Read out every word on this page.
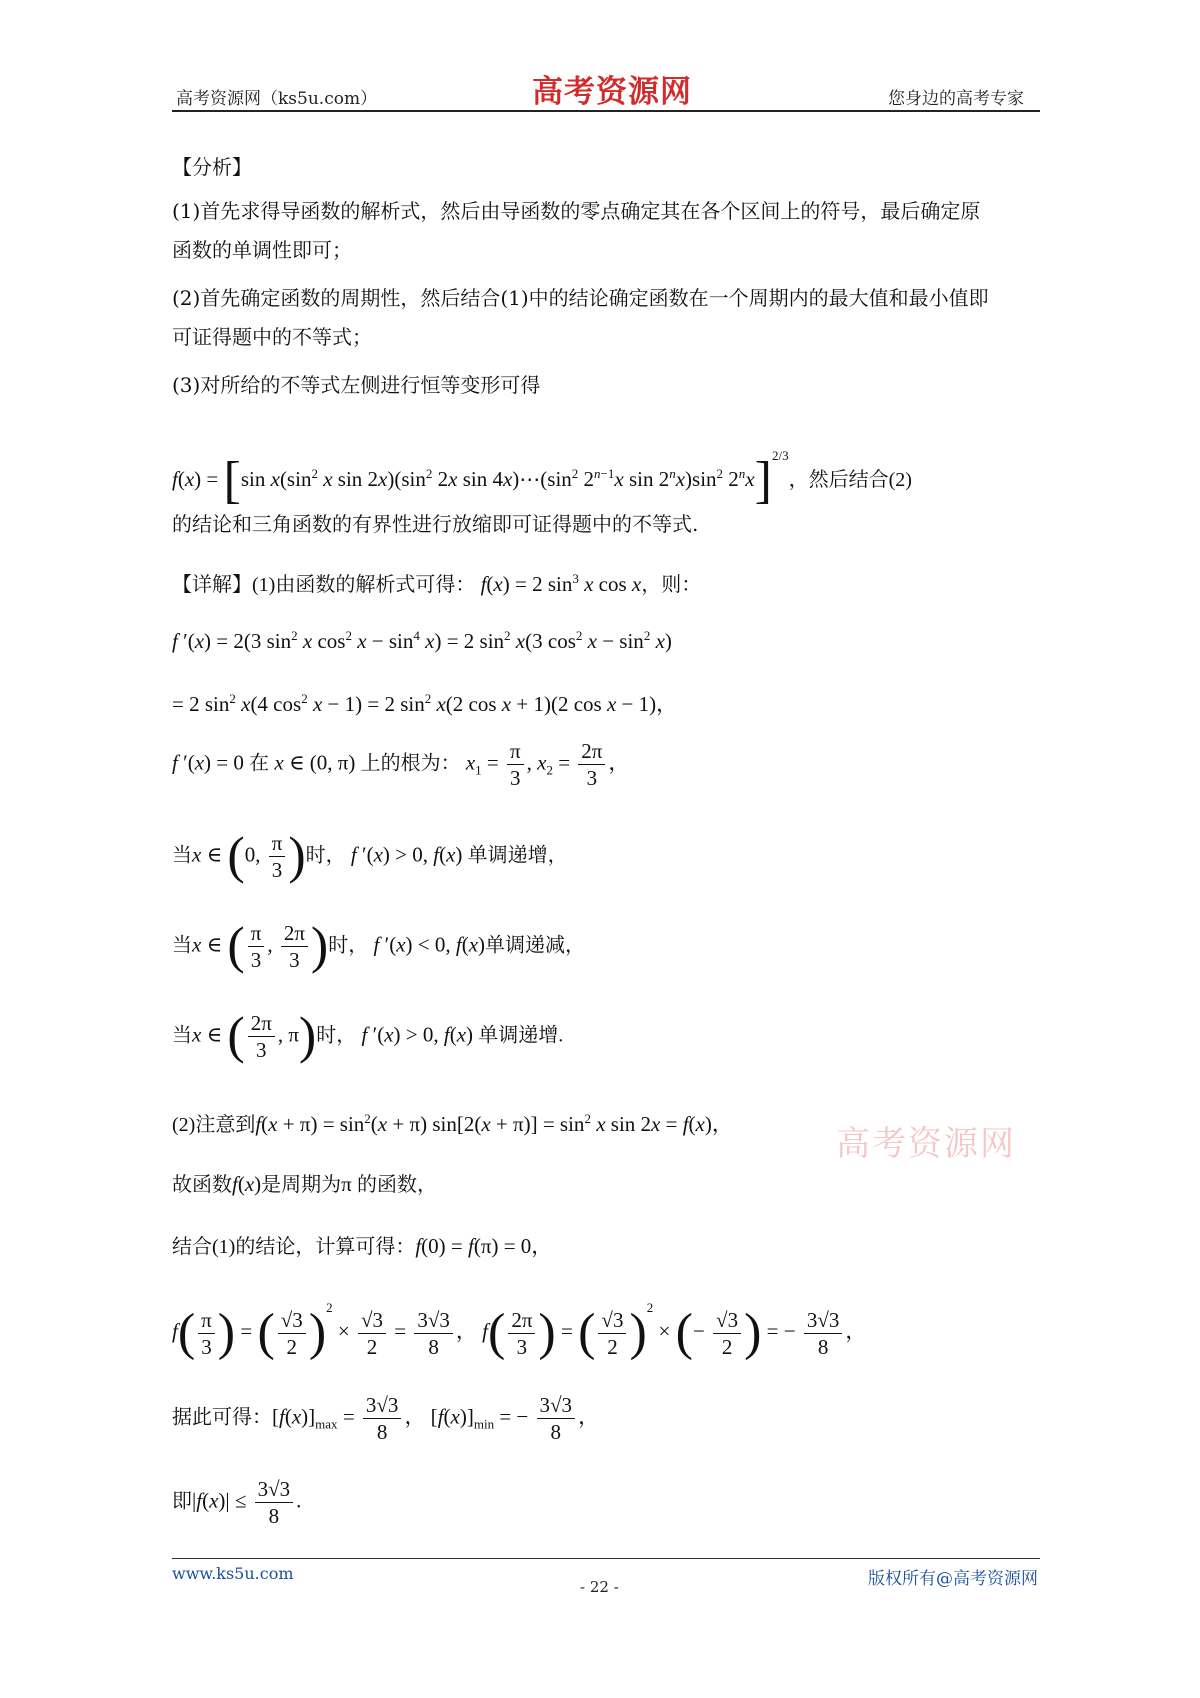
高考资源网（ks5u.com）	高考资源网	您身边的高考专家
【分析】
(1)首先求得导函数的解析式，然后由导函数的零点确定其在各个区间上的符号，最后确定原
函数的单调性即可；
(2)首先确定函数的周期性，然后结合(1)中的结论确定函数在一个周期内的最大值和最小值即
可证得题中的不等式；
(3)对所给的不等式左侧进行恒等变形可得
f(x) = [sin $x(\sin^2$ x $\sin 2x)(\sin^2$ 2x $\sin 4x)\cdots(\sin^2$ $2^{n-1}x$ $\sin 2^nx)\sin^2$ 2$^n$x]$^{2/3}$，然后结合(2)
的结论和三角函数的有界性进行放缩即可证得题中的不等式.
【详解】(1)由函数的解析式可得： f(x) = 2 $\sin^3 x$ cos x，则：
f ′(x) = 2(3 $\sin^2 x$ $\cos^2 x - \sin^4 x) = 2$ $\sin^2 x(3$ $\cos^2 x - \sin^2 x$)
= 2 $\sin^2 x(4$ $\cos^2 x - 1) = 2$ $\sin^2 x(2$ cos x + 1)(2 cos x − 1)，
f ′(x) = 0 在 x ∈ (0, π) 上的根为： $x_1 = \frac{\pi}{3}$ , $x_2 = \frac{2\pi}{3}$ ，
当x ∈ (0, $\frac{\pi}{3}$ )时， f ′(x) > 0, f(x) 单调递增，
当x ∈ ( $\frac{\pi}{3}$ , $\frac{2\pi}{3}$ )时， f ′(x) < 0, f(x)单调递减，
当x ∈ ( $\frac{2\pi}{3}$ , π)时， f ′(x) > 0, f(x) 单调递增.
(2)注意到$f(x + \pi) = \sin^2(x + \pi) \sin[2(x + \pi)] = \sin^2 x$ sin 2x = f(x)，	高考资源网
故函数f(x)是周期为π 的函数，
结合(1)的结论，计算可得：f(0) = f(π) = 0，
$f( \frac{\pi}{3}$ ) = ( $\frac{√3}{2} )^2 \times \frac{√3}{2} = \frac{3√3}{8}$ ， $f( \frac{2\pi}{3}$ ) = ( $\frac{√3}{2} )^2$ × (− $\frac{√3}{2}$ ) = − $\frac{3√3}{8}$ ，
据此可得：$[f(x)]_{max} = \frac{3√3}{8}$ ， $[f(x)]_{min}$ = − $\frac{3√3}{8}$ ，
即$|f(x)| \le \frac{3√3}{8}$ .
www.ks5u.com
- 22 -	版权所有@高考资源网
